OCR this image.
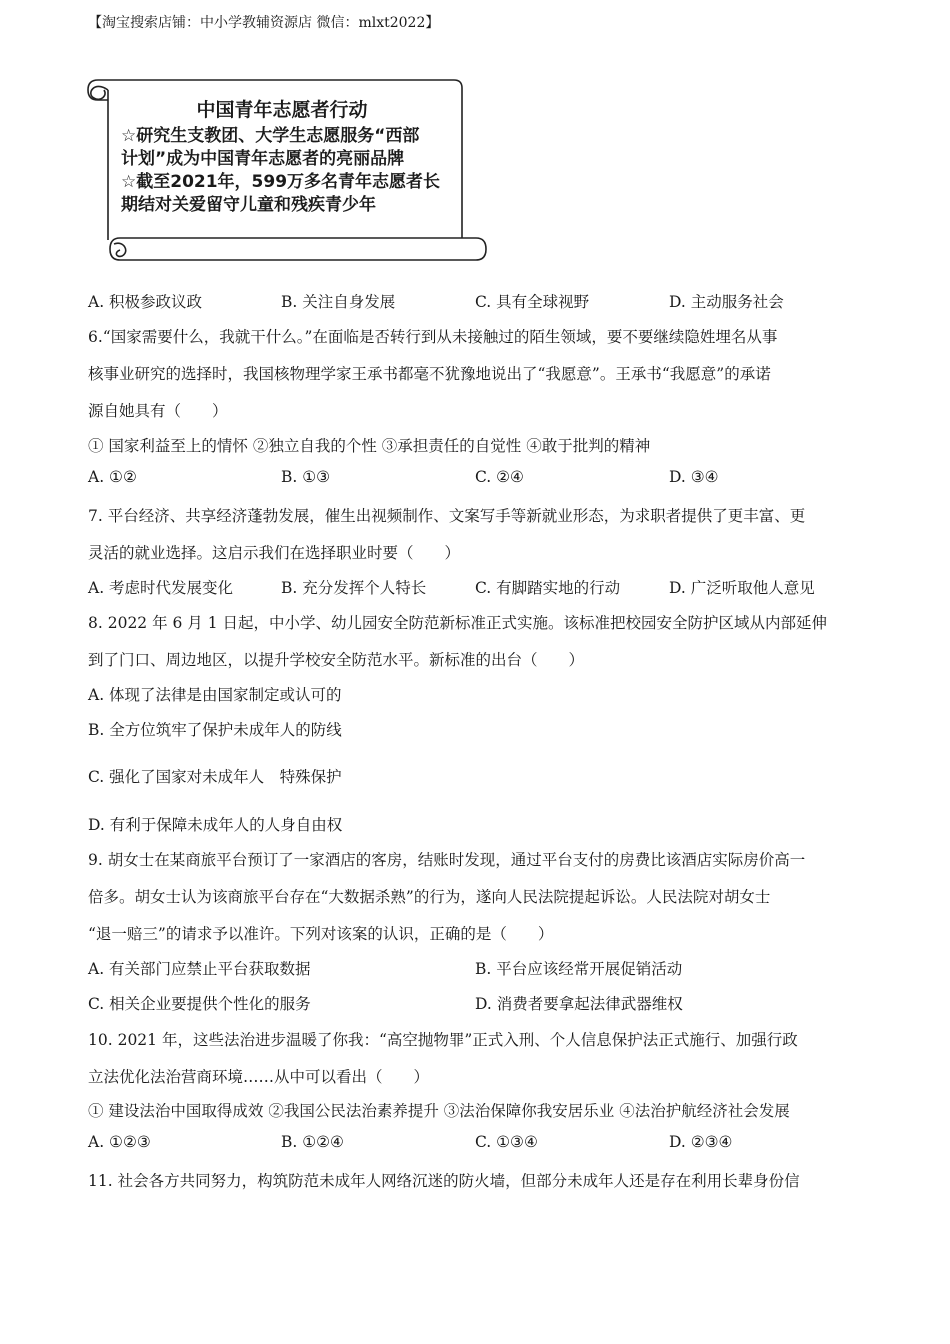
【淘宝搜索店铺：中小学教辅资源店 微信：mlxt2022】
中国青年志愿者行动
☆研究生支教团、大学生志愿服务“西部
计划”成为中国青年志愿者的亮丽品牌
☆截至2021年，599万多名青年志愿者长
期结对关爱留守儿童和残疾青少年
A. 积极参政议政	B. 关注自身发展	C. 具有全球视野	D. 主动服务社会
6.“国家需要什么，我就干什么。”在面临是否转行到从未接触过的陌生领域，要不要继续隐姓埋名从事
核事业研究的选择时，我国核物理学家王承书都毫不犹豫地说出了“我愿意”。王承书“我愿意”的承诺
源自她具有（　　）
① 国家利益至上的情怀 ②独立自我的个性 ③承担责任的自觉性 ④敢于批判的精神
A. ①②	B. ①③	C. ②④	D. ③④
7. 平台经济、共享经济蓬勃发展，催生出视频制作、文案写手等新就业形态，为求职者提供了更丰富、更
灵活的就业选择。这启示我们在选择职业时要（　　）
A. 考虑时代发展变化	B. 充分发挥个人特长	C. 有脚踏实地的行动	D. 广泛听取他人意见
8. 2022 年 6 月 1 日起，中小学、幼儿园安全防范新标准正式实施。该标准把校园安全防护区域从内部延伸
到了门口、周边地区，以提升学校安全防范水平。新标准的出台（　　）
A. 体现了法律是由国家制定或认可的
B. 全方位筑牢了保护未成年人的防线
C. 强化了国家对未成年人　特殊保护
D. 有利于保障未成年人的人身自由权
9. 胡女士在某商旅平台预订了一家酒店的客房，结账时发现，通过平台支付的房费比该酒店实际房价高一
倍多。胡女士认为该商旅平台存在“大数据杀熟”的行为，遂向人民法院提起诉讼。人民法院对胡女士
“退一赔三”的请求予以准许。下列对该案的认识，正确的是（　　）
A. 有关部门应禁止平台获取数据	B. 平台应该经常开展促销活动
C. 相关企业要提供个性化的服务	D. 消费者要拿起法律武器维权
10. 2021 年，这些法治进步温暖了你我：“高空抛物罪”正式入刑、个人信息保护法正式施行、加强行政
立法优化法治营商环境……从中可以看出（　　）
① 建设法治中国取得成效 ②我国公民法治素养提升 ③法治保障你我安居乐业 ④法治护航经济社会发展
A. ①②③	B. ①②④	C. ①③④	D. ②③④
11. 社会各方共同努力，构筑防范未成年人网络沉迷的防火墙，但部分未成年人还是存在利用长辈身份信
